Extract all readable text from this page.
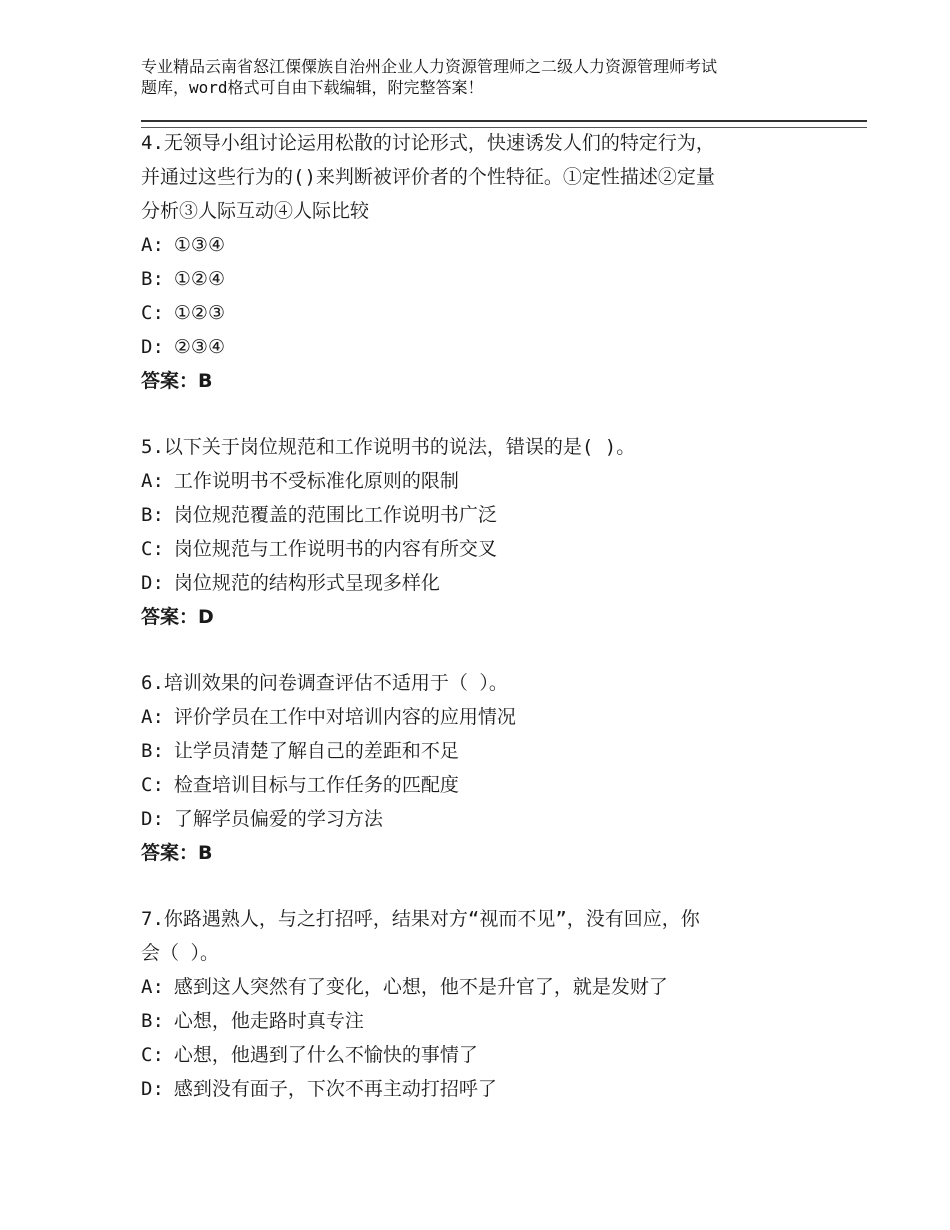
专业精品云南省怒江傈僳族自治州企业人力资源管理师之二级人力资源管理师考试
题库，word格式可自由下载编辑，附完整答案！

4.无领导小组讨论运用松散的讨论形式，快速诱发人们的特定行为，

并通过这些行为的()来判断被评价者的个性特征。①定性描述②定量

分析③人际互动④人际比较

A: ①③④
B: ①②④
C: ①②③
D: ②③④
答案：B

5.以下关于岗位规范和工作说明书的说法，错误的是( )。

A: 工作说明书不受标准化原则的限制
B: 岗位规范覆盖的范围比工作说明书广泛
C: 岗位规范与工作说明书的内容有所交叉
D: 岗位规范的结构形式呈现多样化
答案：D

6.培训效果的问卷调查评估不适用于（ ）。

A: 评价学员在工作中对培训内容的应用情况
B: 让学员清楚了解自己的差距和不足
C: 检查培训目标与工作任务的匹配度
D: 了解学员偏爱的学习方法
答案：B

7.你路遇熟人，与之打招呼，结果对方“视而不见”，没有回应，你

会（ ）。

A: 感到这人突然有了变化，心想，他不是升官了，就是发财了
B: 心想，他走路时真专注
C: 心想，他遇到了什么不愉快的事情了
D: 感到没有面子，下次不再主动打招呼了
